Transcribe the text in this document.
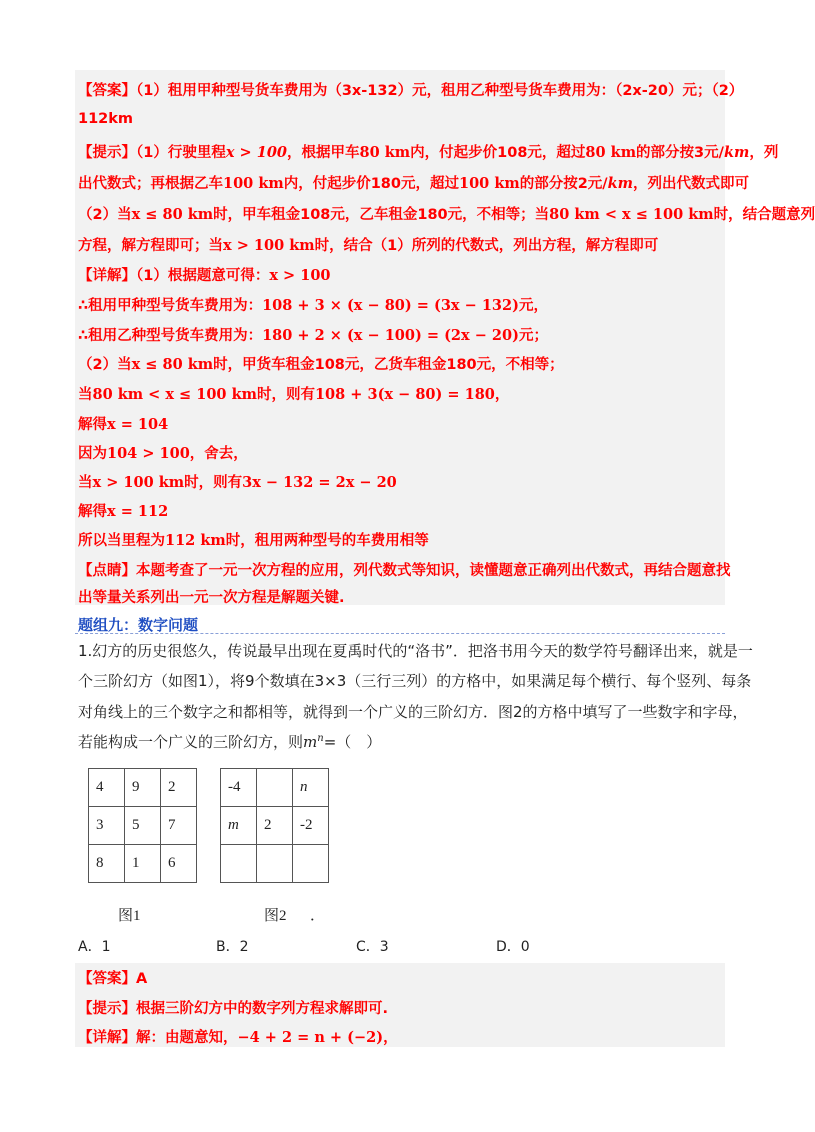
【答案】（1）租用甲种型号货车费用为（3x-132）元，租用乙种型号货车费用为：（2x-20）元；（2）
112km
【提示】（1）行驶里程x > 100，根据甲车80 km内，付起步价108元，超过80 km的部分按3元/km，列
出代数式；再根据乙车100 km内，付起步价180元，超过100 km的部分按2元/km，列出代数式即可
（2）当x ≤ 80 km时，甲车租金108元，乙车租金180元，不相等；当80 km < x ≤ 100 km时，结合题意列
方程，解方程即可；当x > 100 km时，结合（1）所列的代数式，列出方程，解方程即可
【详解】（1）根据题意可得：x > 100
∴租用甲种型号货车费用为：108 + 3 × (x − 80) = (3x − 132)元，
∴租用乙种型号货车费用为：180 + 2 × (x − 100) = (2x − 20)元；
（2）当x ≤ 80 km时，甲货车租金108元，乙货车租金180元，不相等；
当80 km < x ≤ 100 km时，则有108 + 3(x − 80) = 180，
解得x = 104
因为104 > 100，舍去，
当x > 100 km时，则有3x − 132 = 2x − 20
解得x = 112
所以当里程为112 km时，租用两种型号的车费用相等
【点睛】本题考查了一元一次方程的应用，列代数式等知识，读懂题意正确列出代数式，再结合题意找
出等量关系列出一元一次方程是解题关键.
题组九：数字问题
1.幻方的历史很悠久，传说最早出现在夏禹时代的“洛书”．把洛书用今天的数学符号翻译出来，就是一
个三阶幻方（如图1），将9个数填在3×3（三行三列）的方格中，如果满足每个横行、每个竖列、每条
对角线上的三个数字之和都相等，就得到一个广义的三阶幻方．图2的方格中填写了一些数字和字母，
若能构成一个广义的三阶幻方，则$m^n=$（　）
4	9	2
3	5	7
8	1	6
图1
-4		n
m	2	-2

图2 ．
A．1	B．2	C．3	D．0
【答案】A
【提示】根据三阶幻方中的数字列方程求解即可.
【详解】解：由题意知，−4 + 2 = n + (−2)，
